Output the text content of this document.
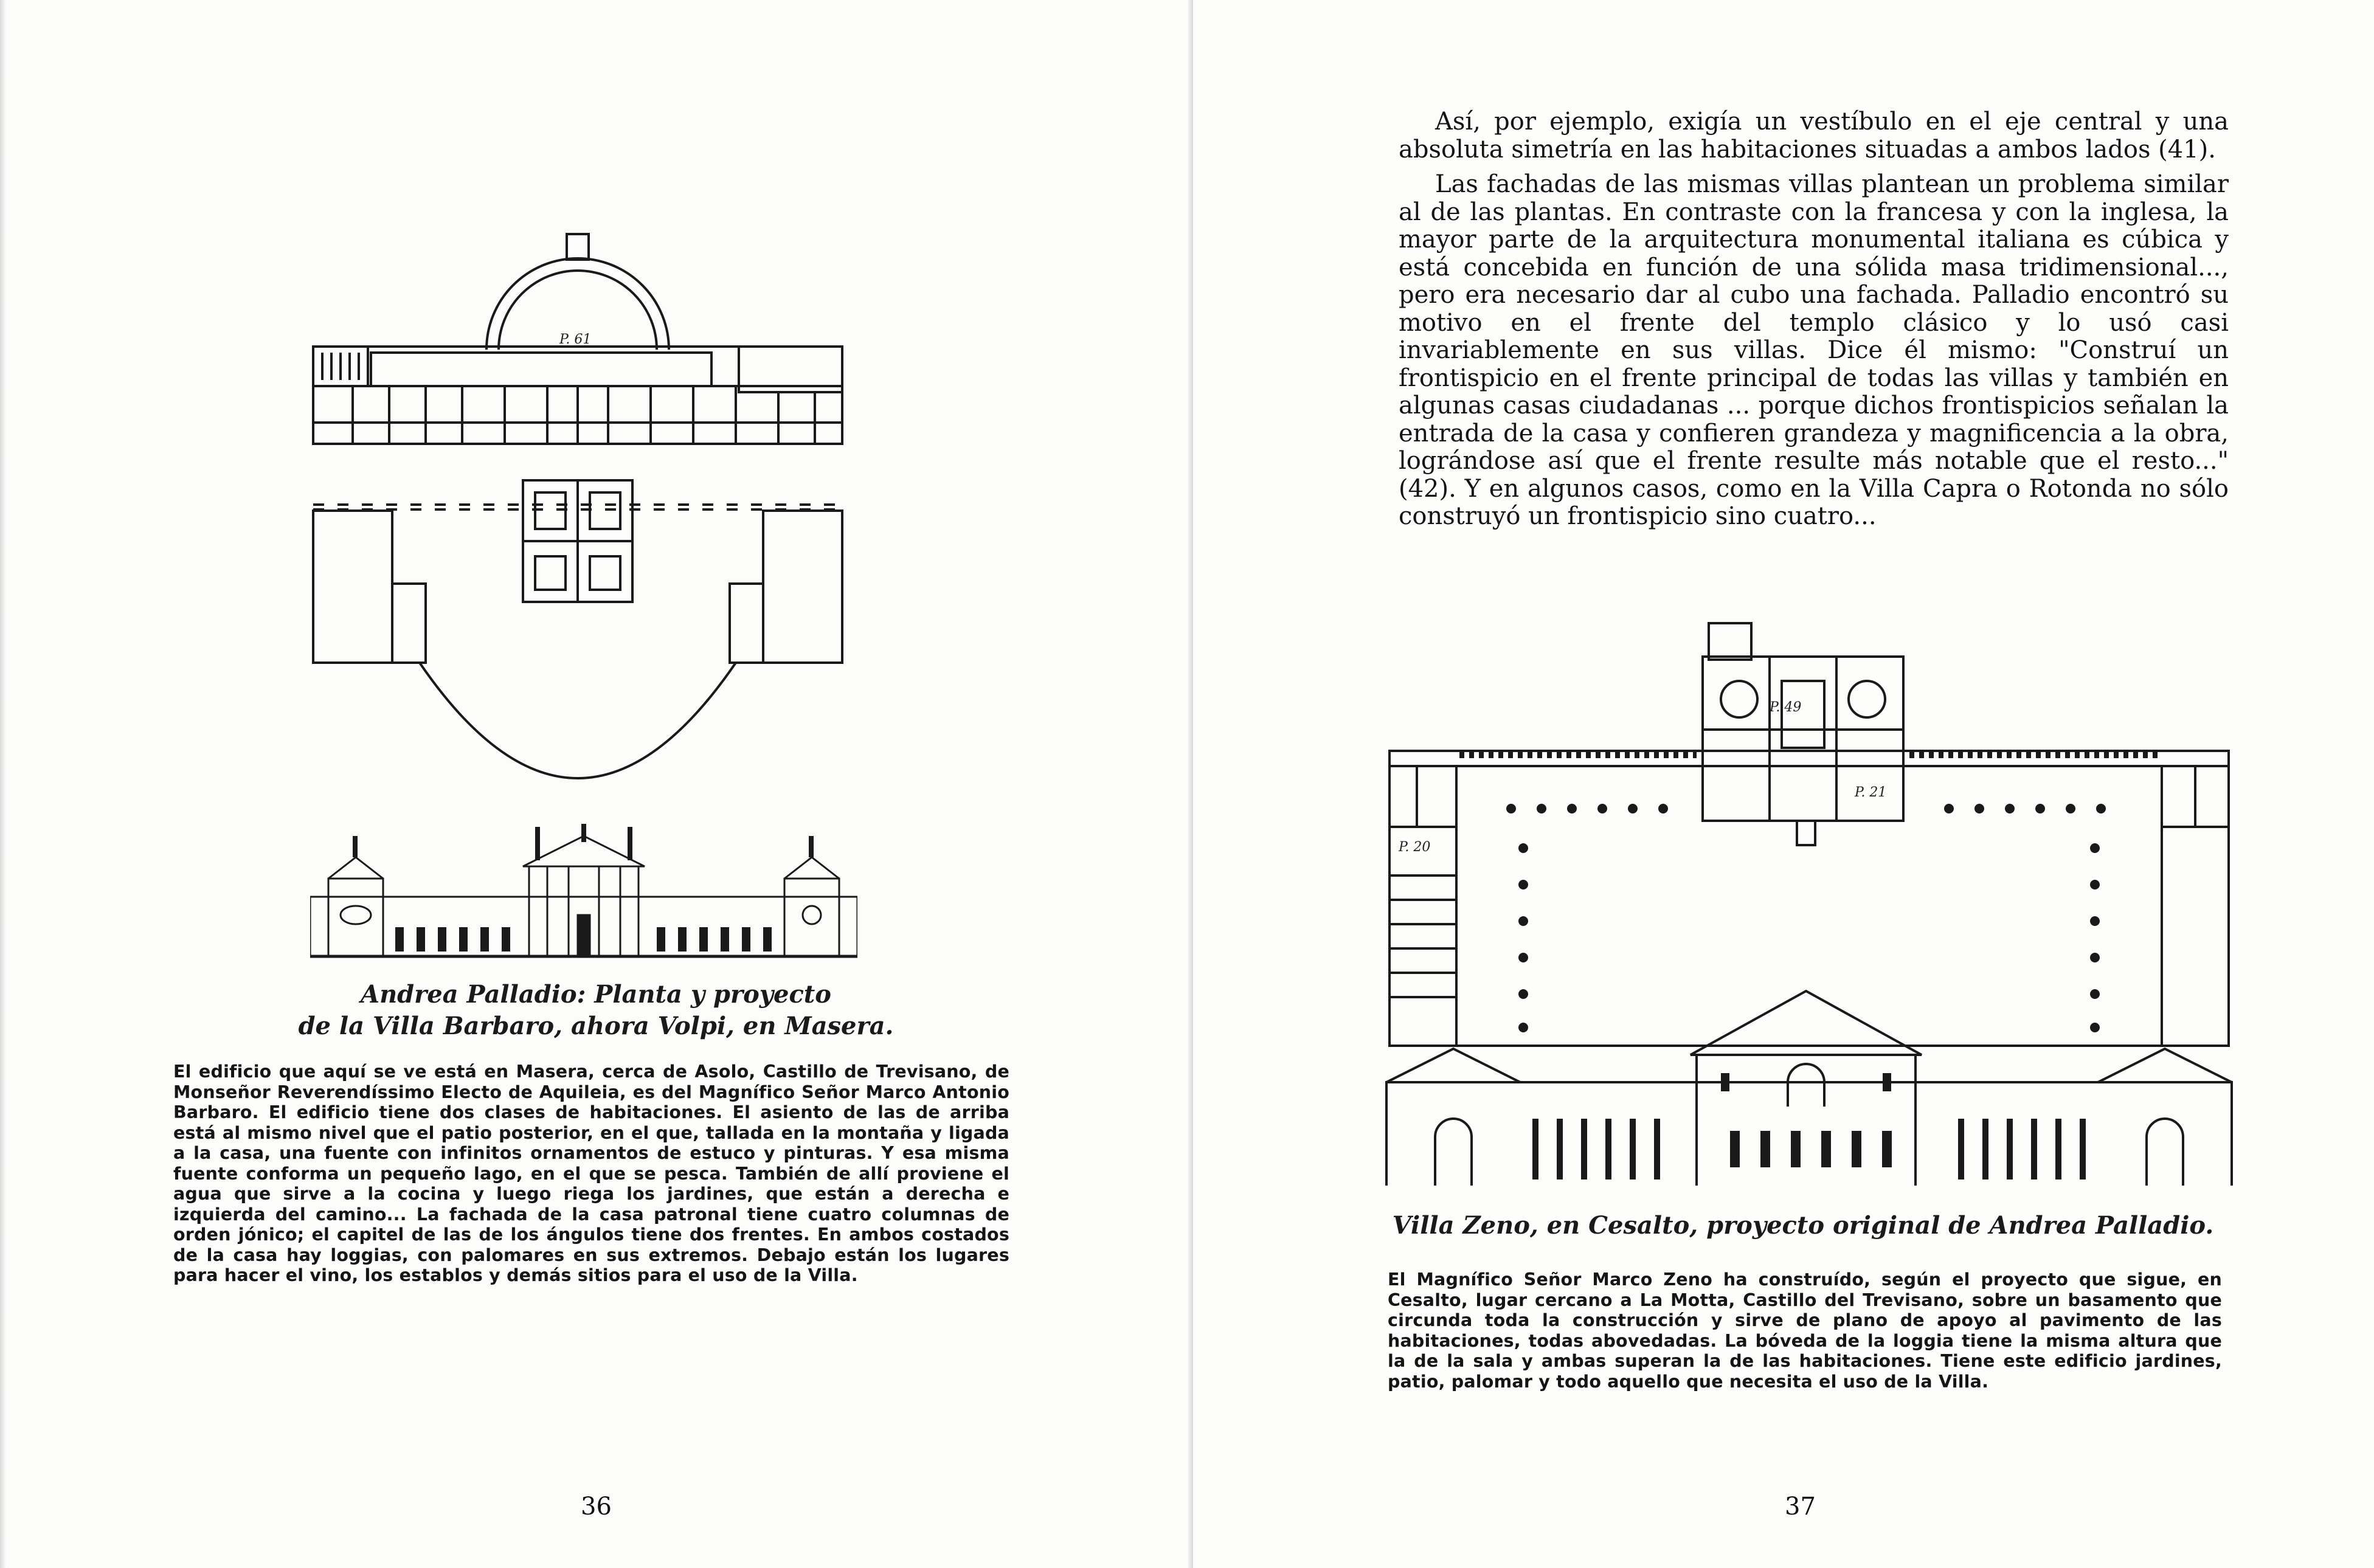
P. 61
Andrea Palladio: Planta y proyecto
de la Villa Barbaro, ahora Volpi, en Masera.
El edificio que aquí se ve está en Masera, cerca de Asolo, Castillo de Trevisano, de Monseñor Reverendíssimo Electo de Aquileia, es del Magnífico Señor Marco Antonio Barbaro. El edificio tiene dos clases de habitaciones. El asiento de las de arriba está al mismo nivel que el patio posterior, en el que, tallada en la montaña y ligada a la casa, una fuente con infinitos ornamentos de estuco y pinturas. Y esa misma fuente conforma un pequeño lago, en el que se pesca. También de allí proviene el agua que sirve a la cocina y luego riega los jardines, que están a derecha e izquierda del camino... La fachada de la casa patronal tiene cuatro columnas de orden jónico; el capitel de las de los ángulos tiene dos frentes. En ambos costados de la casa hay loggias, con palomares en sus extremos. Debajo están los lugares para hacer el vino, los establos y demás sitios para el uso de la Villa.
36

Así, por ejemplo, exigía un vestíbulo en el eje central y una absoluta simetría en las habitaciones situadas a ambos lados (41).

Las fachadas de las mismas villas plantean un problema similar al de las plantas. En contraste con la francesa y con la inglesa, la mayor parte de la arquitectura monumental italiana es cúbica y está concebida en función de una sólida masa tridimensional..., pero era necesario dar al cubo una fachada. Palladio encontró su motivo en el frente del templo clásico y lo usó casi invariablemente en sus villas. Dice él mismo: "Construí un frontispicio en el frente principal de todas las villas y también en algunas casas ciudadanas ... porque dichos frontispicios señalan la entrada de la casa y confieren grandeza y magnificencia a la obra, lográndose así que el frente resulte más notable que el resto..." (42). Y en algunos casos, como en la Villa Capra o Rotonda no sólo construyó un frontispicio sino cuatro...

P. 49
P. 21
P. 20
Villa Zeno, en Cesalto, proyecto original de Andrea Palladio.
El Magnífico Señor Marco Zeno ha construído, según el proyecto que sigue, en Cesalto, lugar cercano a La Motta, Castillo del Trevisano, sobre un basamento que circunda toda la construcción y sirve de plano de apoyo al pavimento de las habitaciones, todas abovedadas. La bóveda de la loggia tiene la misma altura que la de la sala y ambas superan la de las habitaciones. Tiene este edificio jardines, patio, palomar y todo aquello que necesita el uso de la Villa.
37
